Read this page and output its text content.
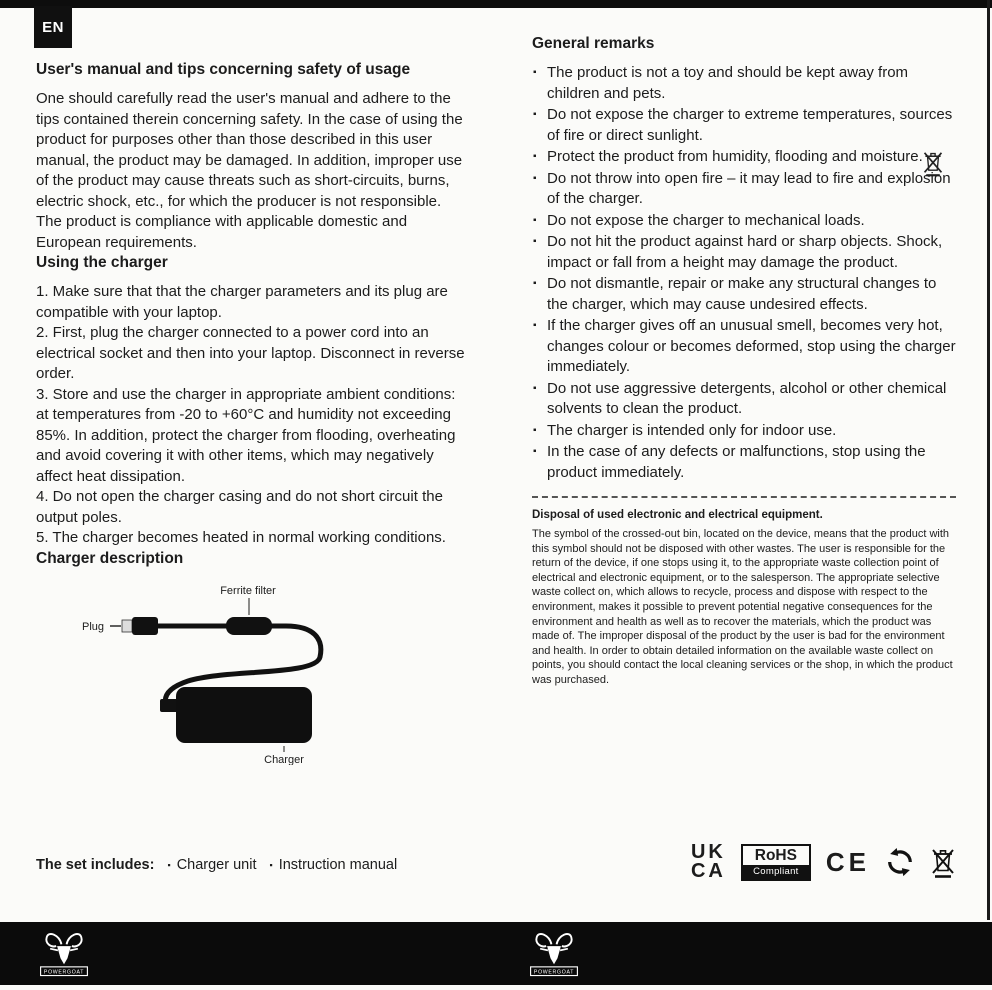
EN
User's manual and tips concerning safety of usage

One should carefully read the user's manual and adhere to the tips contained therein concerning safety. In the case of using the product for purposes other than those described in this user manual, the product may be damaged. In addition, improper use of the product may cause threats such as short-circuits, burns, electric shock, etc., for which the producer is not responsible. The product is compliance with applicable domestic and European requirements.

Using the charger

1. Make sure that that the charger parameters and its plug are compatible with your laptop.

2. First, plug the charger connected to a power cord into an electrical socket and then into your laptop. Disconnect in reverse order.

3. Store and use the charger in appropriate ambient conditions: at temperatures from -20 to +60°C and humidity not exceeding 85%. In addition, protect the charger from flooding, overheating and avoid covering it with other items, which may negatively affect heat dissipation.

4. Do not open the charger casing and do not short circuit the output poles.

5. The charger becomes heated in normal working conditions.

Charger description
Ferrite filter
Plug
Charger
The set includes: ▪ Charger unit ▪ Instruction manual
General remarks
▪ The product is not a toy and should be kept away from children and pets.
▪ Do not expose the charger to extreme temperatures, sources of fire or direct sunlight.
▪ Protect the product from humidity, flooding and moisture.
▪ Do not throw into open fire – it may lead to fire and explosion of the charger.
▪ Do not expose the charger to mechanical loads.
▪ Do not hit the product against hard or sharp objects. Shock, impact or fall from a height may damage the product.
▪ Do not dismantle, repair or make any structural changes to the charger, which may cause undesired effects.
▪ If the charger gives off an unusual smell, becomes very hot, changes colour or becomes deformed, stop using the charger immediately.
▪ Do not use aggressive detergents, alcohol or other chemical solvents to clean the product.
▪ The charger is intended only for indoor use.
▪ In the case of any defects or malfunctions, stop using the product immediately.
Disposal of used electronic and electrical equipment.

The symbol of the crossed-out bin, located on the device, means that the product with this symbol should not be disposed with other wastes. The user is responsible for the return of the device, if one stops using it, to the appropriate waste collection point of electrical and electronic equipment, or to the salesperson. The appropriate selective waste collect on, which allows to recycle, process and dispose with respect to the environment, makes it possible to prevent potential negative consequences for the environment and health as well as to recover the materials, which the product was made of. The improper disposal of the product by the user is bad for the environment and health. In order to obtain detailed information on the available waste collect on points, you should contact the local cleaning services or the shop, in which the product was purchased.

UK
CA
RoHS
Compliant	CE
POWERGOAT	POWERGOAT
